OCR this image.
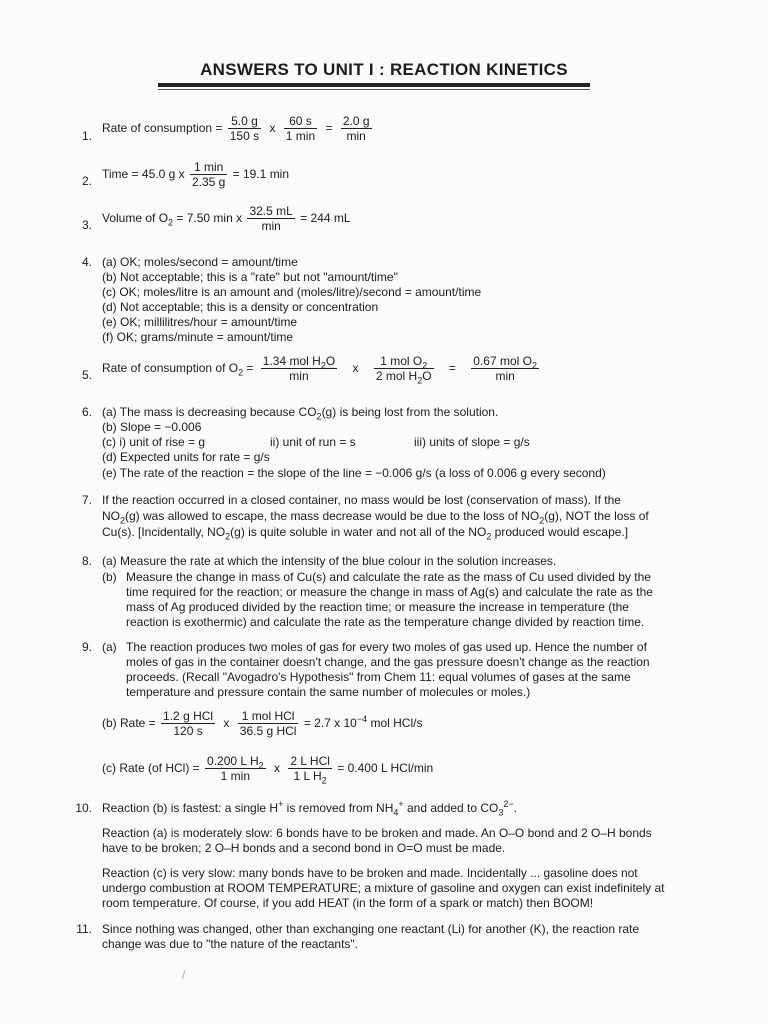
ANSWERS TO UNIT I : REACTION KINETICS
1.
Rate of consumption = $\frac{5.0 g}{150 s}$ x $\frac{60 s}{1 \min} = \frac{2.0 g}{\min}$
2. Time = 45.0 g x $\frac{1 \min}{2.35 g} = 19.1$ min
3. Volume of $O_2 = 7.50$ min x $\frac{32.5 mL}{\min} = 244$ mL
4. (a) OK; moles/second = amount/time
(b) Not acceptable; this is a "rate" but not "amount/time"
(c) OK; moles/litre is an amount and (moles/litre)/second = amount/time
(d) Not acceptable; this is a density or concentration
(e) OK; millilitres/hour = amount/time
(f) OK; grams/minute = amount/time
5. Rate of consumption of $O_2 = \frac{1.34 mol H_2O}{\min}$ x $\frac{1 mol O_2}{2 mol H_2O} = \frac{0.67 mol O_2}{\min}$
6. (a) The mass is decreasing because $CO_2(g)$ is being lost from the solution.
(b) Slope = −0.006
(c) i) unit of rise = g	ii) unit of run = s	iii) units of slope = g/s
(d) Expected units for rate = g/s
(e) The rate of the reaction = the slope of the line = −0.006 g/s (a loss of 0.006 g every second)
7. If the reaction occurred in a closed container, no mass would be lost (conservation of mass). If the
$NO_2(g)$ was allowed to escape, the mass decrease would be due to the loss of $NO_2(g)$, NOT the loss of
Cu(s). [Incidentally, $NO_2(g)$ is quite soluble in water and not all of the $NO_2$ produced would escape.]
8. (a) Measure the rate at which the intensity of the blue colour in the solution increases.
(b) Measure the change in mass of Cu(s) and calculate the rate as the mass of Cu used divided by the time required for the reaction; or measure the change in mass of Ag(s) and calculate the rate as the mass of Ag produced divided by the reaction time; or measure the increase in temperature (the reaction is exothermic) and calculate the rate as the temperature change divided by reaction time.
9. (a) The reaction produces two moles of gas for every two moles of gas used up. Hence the number of moles of gas in the container doesn't change, and the gas pressure doesn't change as the reaction proceeds. (Recall "Avogadro's Hypothesis" from Chem 11: equal volumes of gases at the same temperature and pressure contain the same number of molecules or moles.)
(b) Rate = $\frac{\text{1.2 g HCl}}{120 s}$ x $\frac{\text{1 mol HCl}}{\text{36.5 g HCl}} = 2.7$ x $10^{-4}$ mol HCl/s
(c) Rate (of $HCl) = \frac{0.200 L H_2}{1 \min}$ x $\frac{\text{2 L HCl}}{1 L H_2} = 0.400$ L HCl/min
10. Reaction (b) is fastest: a single H+ is removed from $NH_4^+$ and added to $CO_3^{2-}$.
Reaction (a) is moderately slow: 6 bonds have to be broken and made. An O–O bond and 2 O–H bonds have to be broken; 2 O–H bonds and a second bond in O=O must be made.
Reaction (c) is very slow: many bonds have to be broken and made. Incidentally ... gasoline does not undergo combustion at ROOM TEMPERATURE; a mixture of gasoline and oxygen can exist indefinitely at room temperature. Of course, if you add HEAT (in the form of a spark or match) then BOOM!
11. Since nothing was changed, other than exchanging one reactant (Li) for another (K), the reaction rate change was due to "the nature of the reactants".
/
